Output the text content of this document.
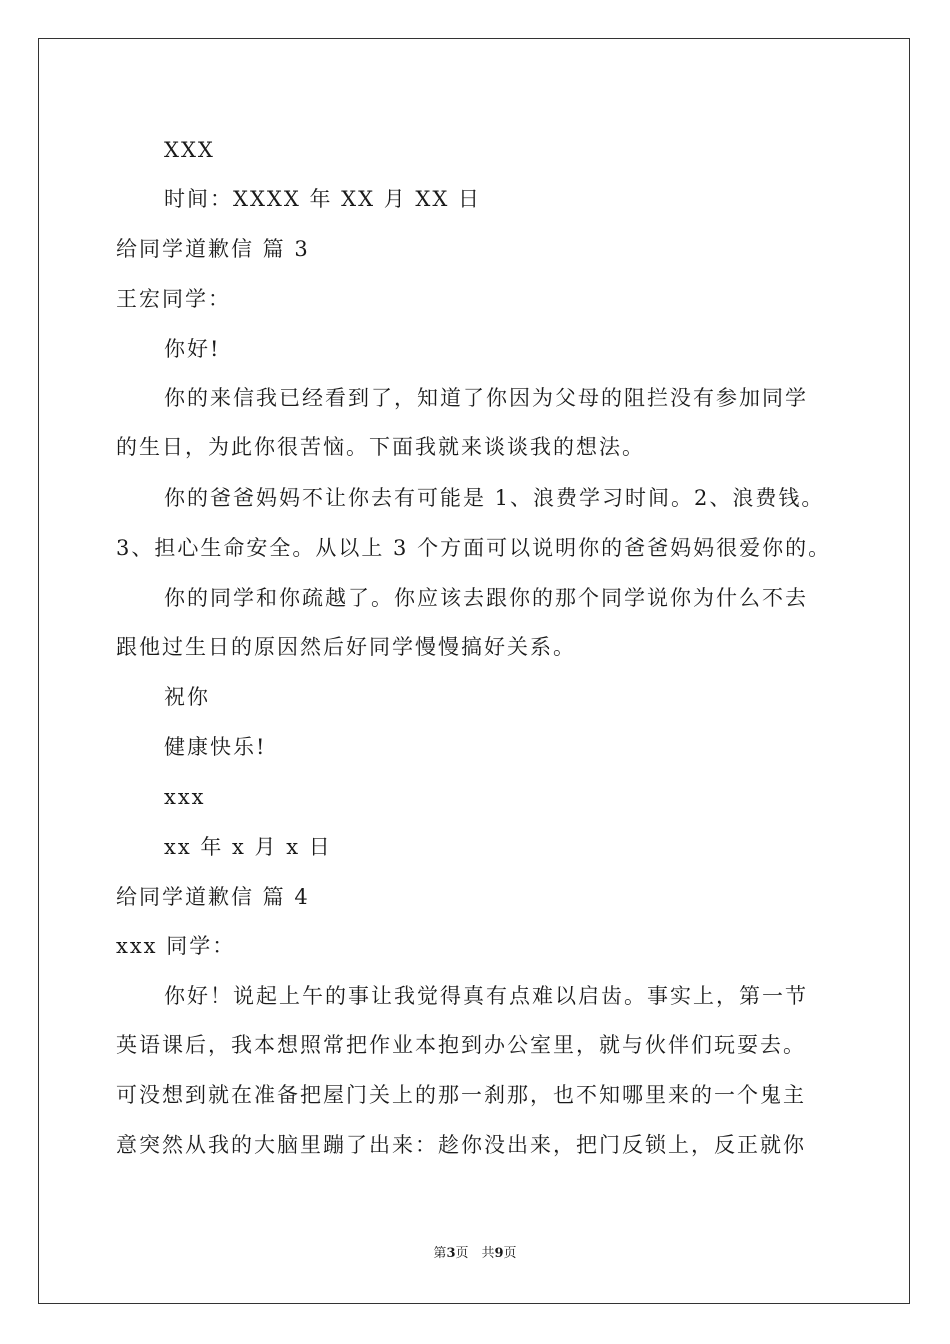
XXX
时间：XXXX 年 XX 月 XX 日
给同学道歉信 篇 3
王宏同学：
你好!
你的来信我已经看到了，知道了你因为父母的阻拦没有参加同学
的生日，为此你很苦恼。下面我就来谈谈我的想法。
你的爸爸妈妈不让你去有可能是 1、浪费学习时间。2、浪费钱。
3、担心生命安全。从以上 3 个方面可以说明你的爸爸妈妈很爱你的。
你的同学和你疏越了。你应该去跟你的那个同学说你为什么不去
跟他过生日的原因然后好同学慢慢搞好关系。
祝你
健康快乐!
xxx
xx 年 x 月 x 日
给同学道歉信 篇 4
xxx 同学：
你好！说起上午的事让我觉得真有点难以启齿。事实上，第一节
英语课后，我本想照常把作业本抱到办公室里，就与伙伴们玩耍去。
可没想到就在准备把屋门关上的那一刹那，也不知哪里来的一个鬼主
意突然从我的大脑里蹦了出来：趁你没出来，把门反锁上，反正就你
第3页　共9页
